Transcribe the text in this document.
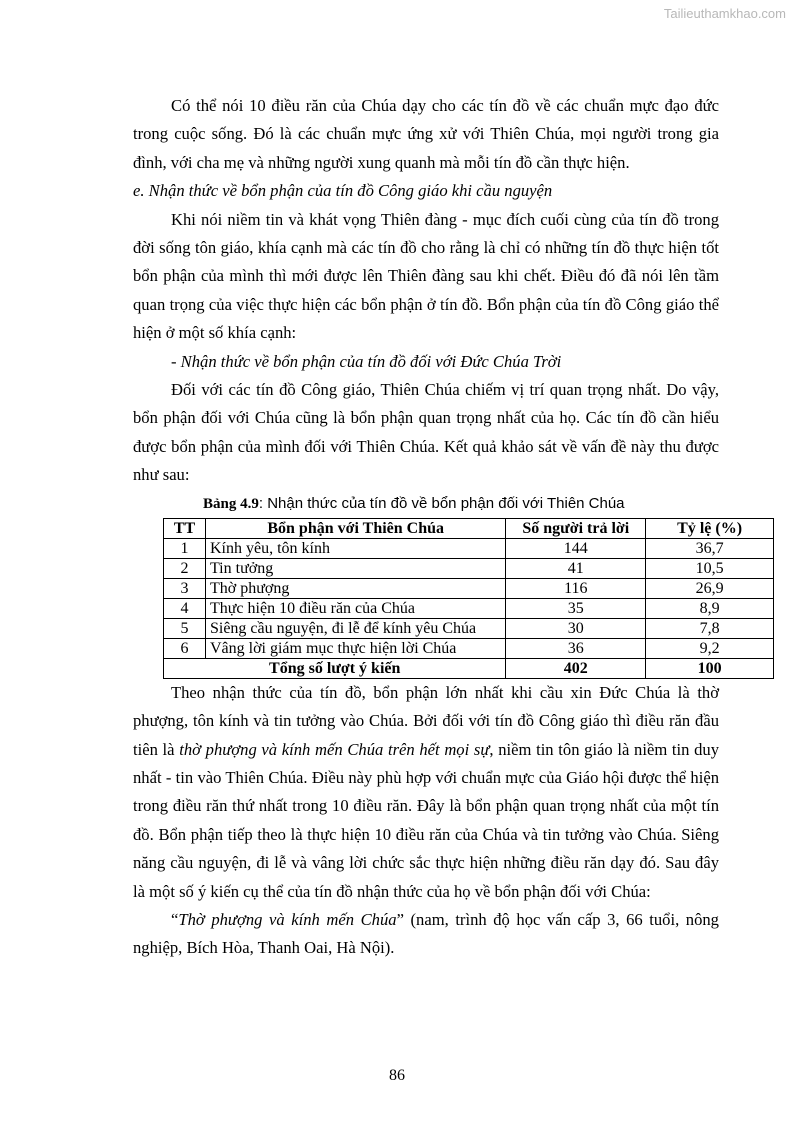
Tailieuthamkhao.com

Có thể nói 10 điều răn của Chúa dạy cho các tín đồ về các chuẩn mực đạo đức trong cuộc sống. Đó là các chuẩn mực ứng xử với Thiên Chúa, mọi người trong gia đình, với cha mẹ và những người xung quanh mà mỗi tín đồ cần thực hiện.

e. Nhận thức về bổn phận của tín đồ Công giáo khi cầu nguyện

Khi nói niềm tin và khát vọng Thiên đàng - mục đích cuối cùng của tín đồ trong đời sống tôn giáo, khía cạnh mà các tín đồ cho rằng là chỉ có những tín đồ thực hiện tốt bổn phận của mình thì mới được lên Thiên đàng sau khi chết. Điều đó đã nói lên tầm quan trọng của việc thực hiện các bổn phận ở tín đồ. Bổn phận của tín đồ Công giáo thể hiện ở một số khía cạnh:

- Nhận thức về bổn phận của tín đồ đối với Đức Chúa Trời

Đối với các tín đồ Công giáo, Thiên Chúa chiếm vị trí quan trọng nhất. Do vậy, bổn phận đối với Chúa cũng là bổn phận quan trọng nhất của họ. Các tín đồ cần hiểu được bổn phận của mình đối với Thiên Chúa. Kết quả khảo sát về vấn đề này thu được như sau:

Bảng 4.9: Nhận thức của tín đồ về bổn phận đối với Thiên Chúa

TT	Bổn phận với Thiên Chúa	Số người trả lời	Tỷ lệ (%)
1	Kính yêu, tôn kính	144	36,7
2	Tin tưởng	41	10,5
3	Thờ phượng	116	26,9
4	Thực hiện 10 điều răn của Chúa	35	8,9
5	Siêng cầu nguyện, đi lễ để kính yêu Chúa	30	7,8
6	Vâng lời giám mục thực hiện lời Chúa	36	9,2
Tổng số lượt ý kiến		402	100

Theo nhận thức của tín đồ, bổn phận lớn nhất khi cầu xin Đức Chúa là thờ phượng, tôn kính và tin tưởng vào Chúa. Bởi đối với tín đồ Công giáo thì điều răn đầu tiên là thờ phượng và kính mến Chúa trên hết mọi sự, niềm tin tôn giáo là niềm tin duy nhất - tin vào Thiên Chúa. Điều này phù hợp với chuẩn mực của Giáo hội được thể hiện trong điều răn thứ nhất trong 10 điều răn. Đây là bổn phận quan trọng nhất của một tín đồ. Bổn phận tiếp theo là thực hiện 10 điều răn của Chúa và tin tưởng vào Chúa. Siêng năng cầu nguyện, đi lễ và vâng lời chức sắc thực hiện những điều răn dạy đó. Sau đây là một số ý kiến cụ thể của tín đồ nhận thức của họ về bổn phận đối với Chúa:

“Thờ phượng và kính mến Chúa” (nam, trình độ học vấn cấp 3, 66 tuổi, nông nghiệp, Bích Hòa, Thanh Oai, Hà Nội).

86
